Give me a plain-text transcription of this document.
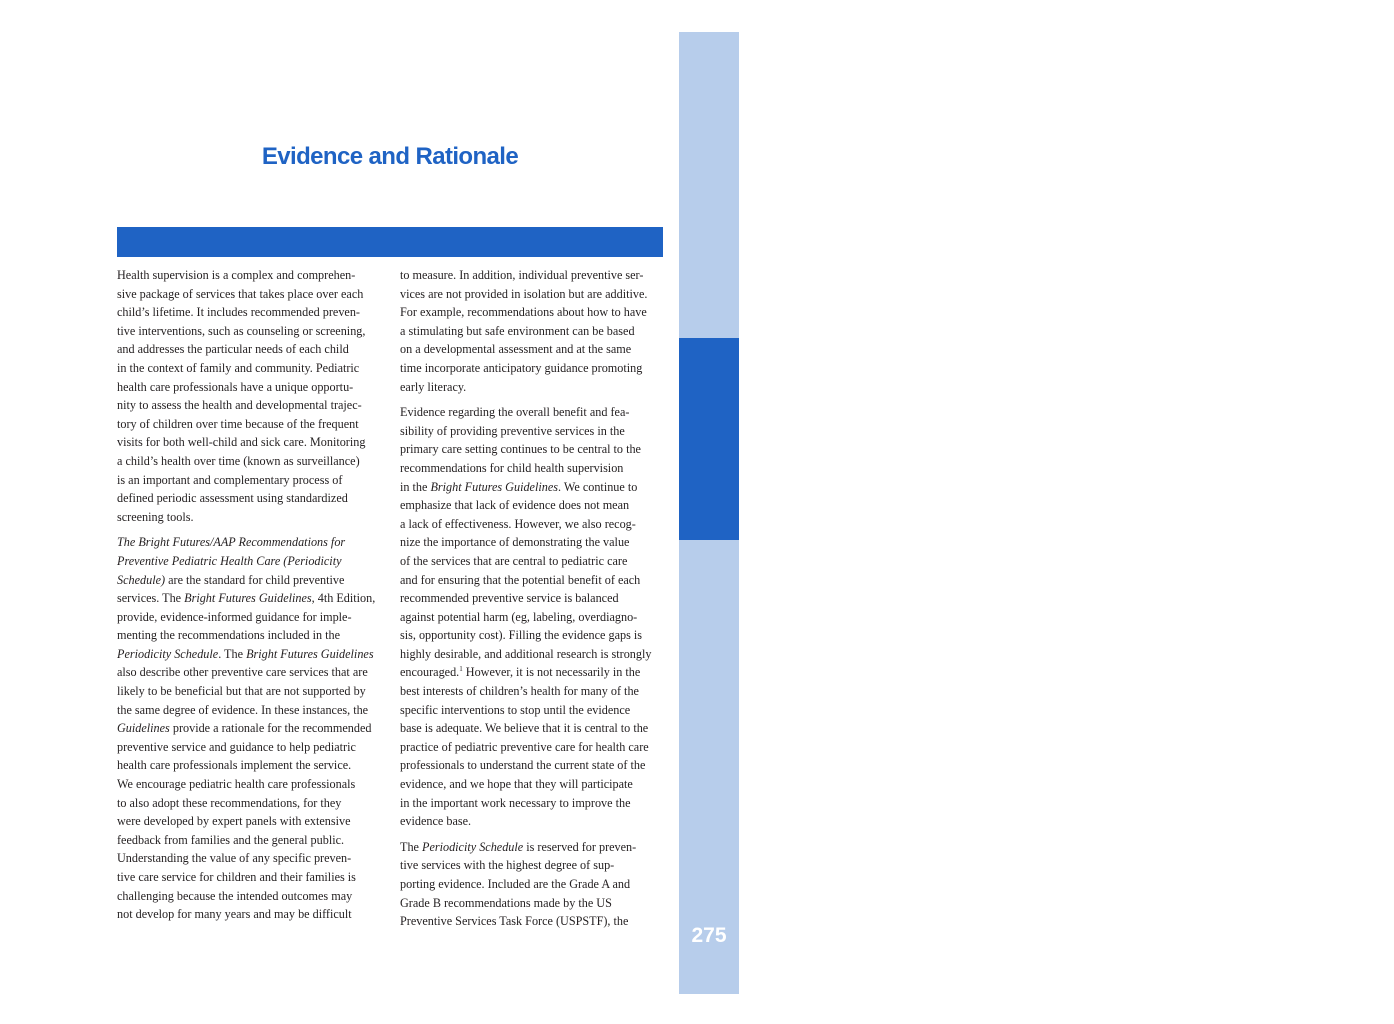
EVIDENCE AND RATIONALE
275
Evidence and Rationale

Health supervision is a complex and comprehen-
sive package of services that takes place over each
child’s lifetime. It includes recommended preven-
tive interventions, such as counseling or screening,
and addresses the particular needs of each child
in the context of family and community. Pediatric
health care professionals have a unique opportu-
nity to assess the health and developmental trajec-
tory of children over time because of the frequent
visits for both well-child and sick care. Monitoring
a child’s health over time (known as surveillance)
is an important and complementary process of
defined periodic assessment using standardized
screening tools.

The Bright Futures/AAP Recommendations for
Preventive Pediatric Health Care (Periodicity
Schedule) are the standard for child preventive
services. The Bright Futures Guidelines, 4th Edition,
provide, evidence-informed guidance for imple-
menting the recommendations included in the
Periodicity Schedule. The Bright Futures Guidelines
also describe other preventive care services that are
likely to be beneficial but that are not supported by
the same degree of evidence. In these instances, the
Guidelines provide a rationale for the recommended
preventive service and guidance to help pediatric
health care professionals implement the service.
We encourage pediatric health care professionals
to also adopt these recommendations, for they
were developed by expert panels with extensive
feedback from families and the general public.
Understanding the value of any specific preven-
tive care service for children and their families is
challenging because the intended outcomes may
not develop for many years and may be difficult

to measure. In addition, individual preventive ser-
vices are not provided in isolation but are additive.
For example, recommendations about how to have
a stimulating but safe environment can be based
on a developmental assessment and at the same
time incorporate anticipatory guidance promoting
early literacy.

Evidence regarding the overall benefit and fea-
sibility of providing preventive services in the
primary care setting continues to be central to the
recommendations for child health supervision
in the Bright Futures Guidelines. We continue to
emphasize that lack of evidence does not mean
a lack of effectiveness. However, we also recog-
nize the importance of demonstrating the value
of the services that are central to pediatric care
and for ensuring that the potential benefit of each
recommended preventive service is balanced
against potential harm (eg, labeling, overdiagno-
sis, opportunity cost). Filling the evidence gaps is
highly desirable, and additional research is strongly
encouraged.$^1$ However, it is not necessarily in the
best interests of children’s health for many of the
specific interventions to stop until the evidence
base is adequate. We believe that it is central to the
practice of pediatric preventive care for health care
professionals to understand the current state of the
evidence, and we hope that they will participate
in the important work necessary to improve the
evidence base.

The Periodicity Schedule is reserved for preven-
tive services with the highest degree of sup-
porting evidence. Included are the Grade A and
Grade B recommendations made by the US
Preventive Services Task Force (USPSTF), the
